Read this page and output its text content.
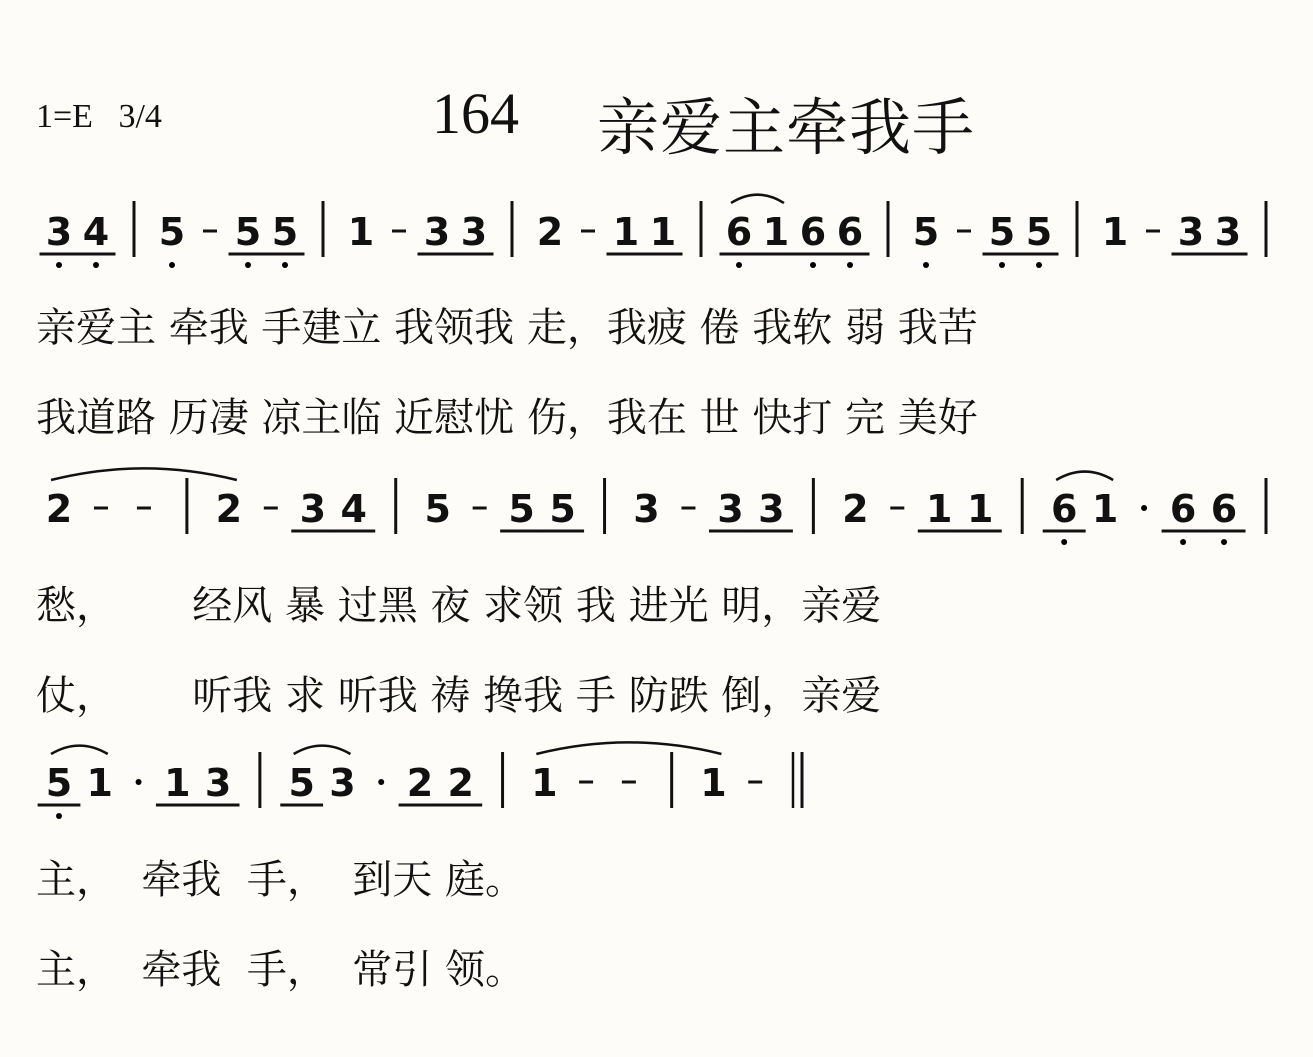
1=E 3/4	164 亲爱主牵我手
3 4 5 5 5 1 3 3 2 1 1 6 1 6 6 5 5 5 1 3 3
2	2 3 4 5 5 5 3 3 3 2 1 1 6 1 6 6
5 1 1 3 5 3 2 2 1	1
亲爱主 牵我 手建立 我领我 走，我疲 倦 我软 弱 我苦
我道路 历凄 凉主临 近慰忧 伤，我在 世 快打 完 美好
愁，      经风 暴 过黑 夜 求领 我 进光 明，亲爱
仗，      听我 求 听我 祷 搀我 手 防跌 倒，亲爱
主，  牵我  手，  到天 庭。
主，  牵我  手，  常引 领。
